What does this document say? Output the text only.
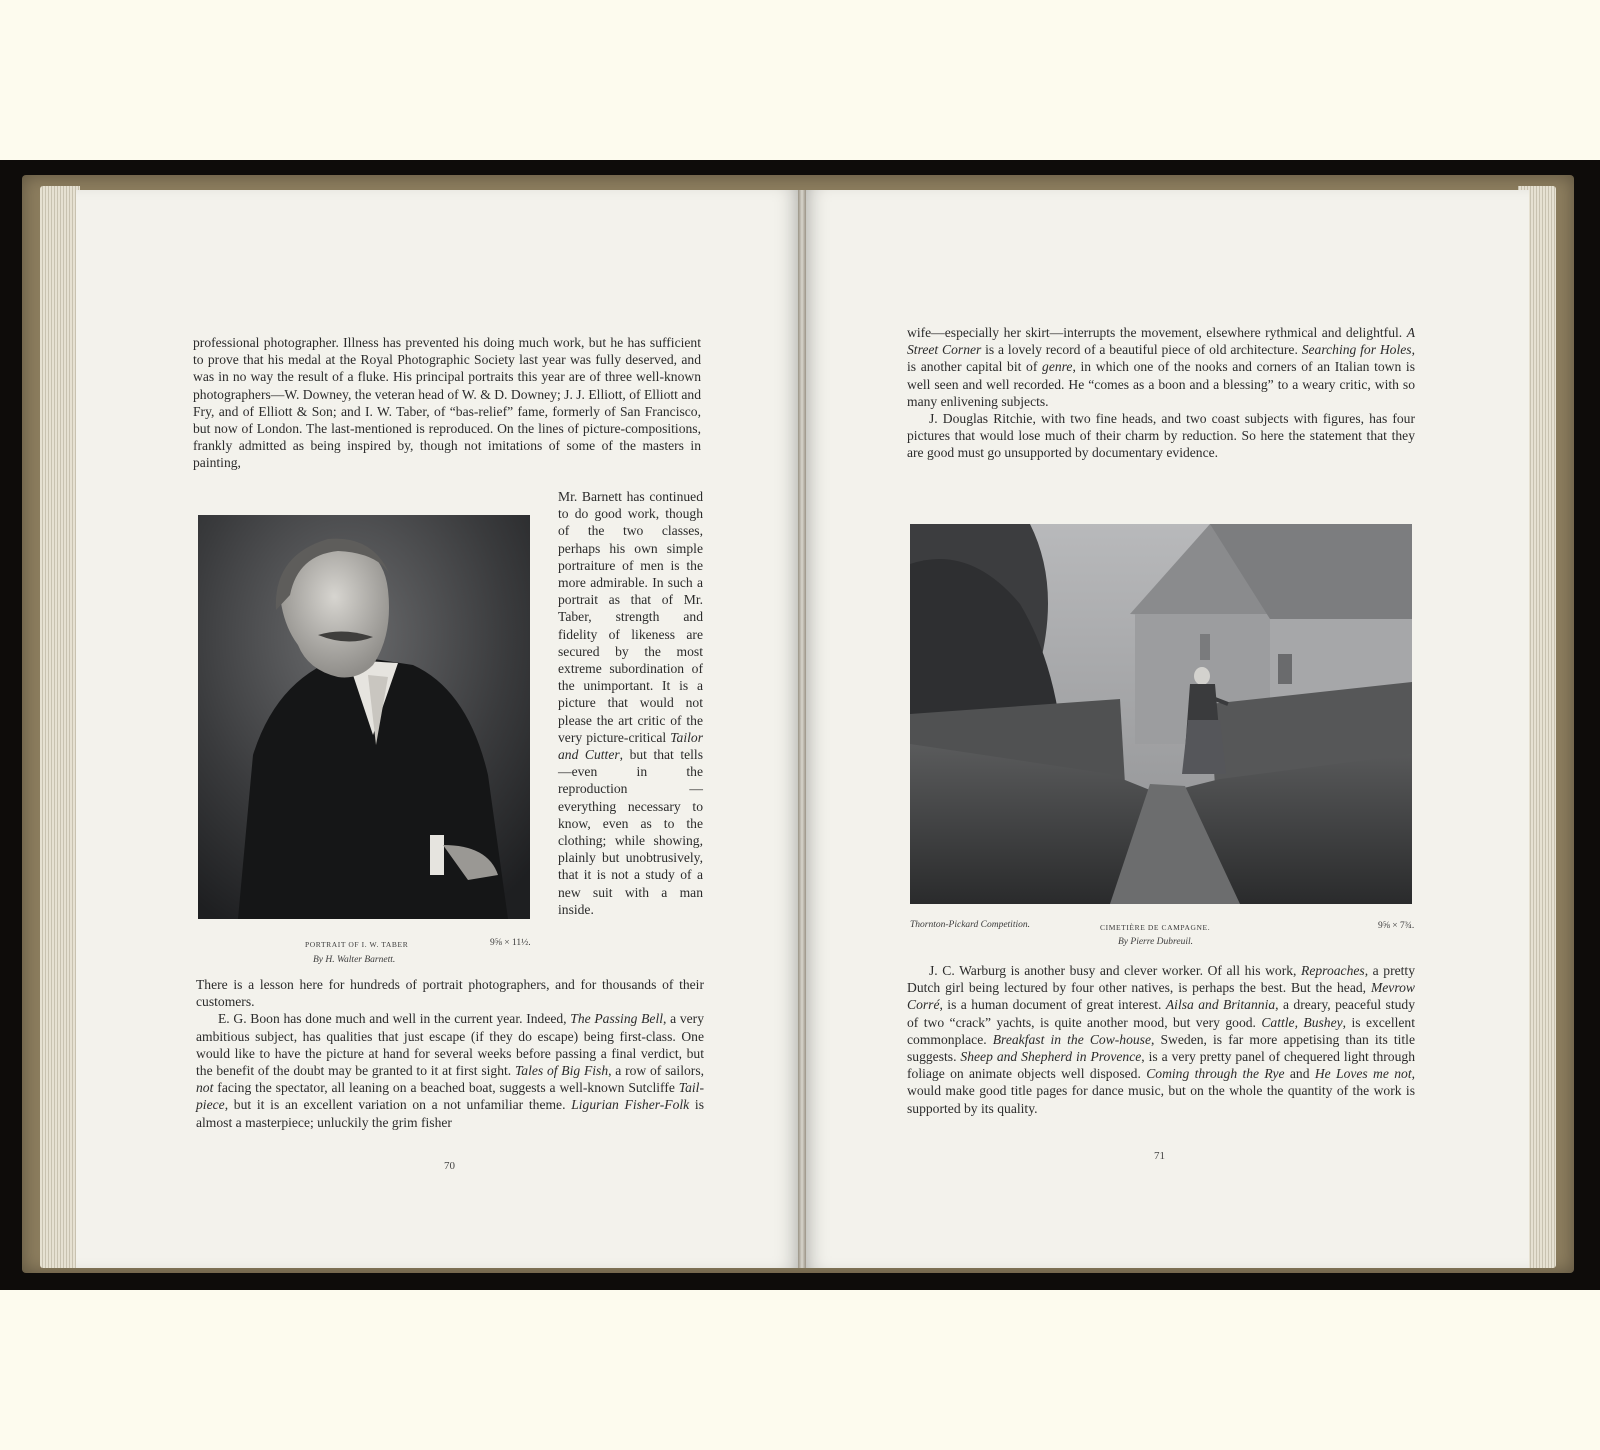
professional photographer. Illness has prevented his doing much work, but he has sufficient to prove that his medal at the Royal Photographic Society last year was fully deserved, and was in no way the result of a fluke. His principal portraits this year are of three well-known photographers—W. Downey, the veteran head of W. & D. Downey; J. J. Elliott, of Elliott and Fry, and of Elliott & Son; and I. W. Taber, of “bas-relief” fame, formerly of San Francisco, but now of London. The last-mentioned is reproduced. On the lines of picture-compositions, frankly admitted as being inspired by, though not imitations of some of the masters in painting,

PORTRAIT OF I. W. TABER	9⅝ × 11½.
By H. Walter Barnett.

Mr. Barnett has continued to do good work, though of the two classes, perhaps his own simple portraiture of men is the more admirable. In such a portrait as that of Mr. Taber, strength and fidelity of likeness are secured by the most extreme subordination of the unimportant. It is a picture that would not please the art critic of the very picture-critical Tailor and Cutter, but that tells —even in the reproduction — everything necessary to know, even as to the clothing; while showing, plainly but unobtrusively, that it is not a study of a new suit with a man inside.

There is a lesson here for hundreds of portrait photographers, and for thousands of their customers.

E. G. Boon has done much and well in the current year. Indeed, The Passing Bell, a very ambitious subject, has qualities that just escape (if they do escape) being first-class. One would like to have the picture at hand for several weeks before passing a final verdict, but the benefit of the doubt may be granted to it at first sight. Tales of Big Fish, a row of sailors, not facing the spectator, all leaning on a beached boat, suggests a well-known Sutcliffe Tail-piece, but it is an excellent variation on a not unfamiliar theme. Ligurian Fisher-Folk is almost a masterpiece; unluckily the grim fisher

70

wife—especially her skirt—interrupts the movement, elsewhere rythmical and delightful. A Street Corner is a lovely record of a beautiful piece of old architecture. Searching for Holes, is another capital bit of genre, in which one of the nooks and corners of an Italian town is well seen and well recorded. He “comes as a boon and a blessing” to a weary critic, with so many enlivening subjects.

J. Douglas Ritchie, with two fine heads, and two coast subjects with figures, has four pictures that would lose much of their charm by reduction. So here the statement that they are good must go unsupported by documentary evidence.

Thornton-Pickard Competition.	CIMETIÈRE DE CAMPAGNE.	9⅝ × 7¾.
By Pierre Dubreuil.

J. C. Warburg is another busy and clever worker. Of all his work, Reproaches, a pretty Dutch girl being lectured by four other natives, is perhaps the best. But the head, Mevrow Corré, is a human document of great interest. Ailsa and Britannia, a dreary, peaceful study of two “crack” yachts, is quite another mood, but very good. Cattle, Bushey, is excellent commonplace. Breakfast in the Cow-house, Sweden, is far more appetising than its title suggests. Sheep and Shepherd in Provence, is a very pretty panel of chequered light through foliage on animate objects well disposed. Coming through the Rye and He Loves me not, would make good title pages for dance music, but on the whole the quantity of the work is supported by its quality.

71
